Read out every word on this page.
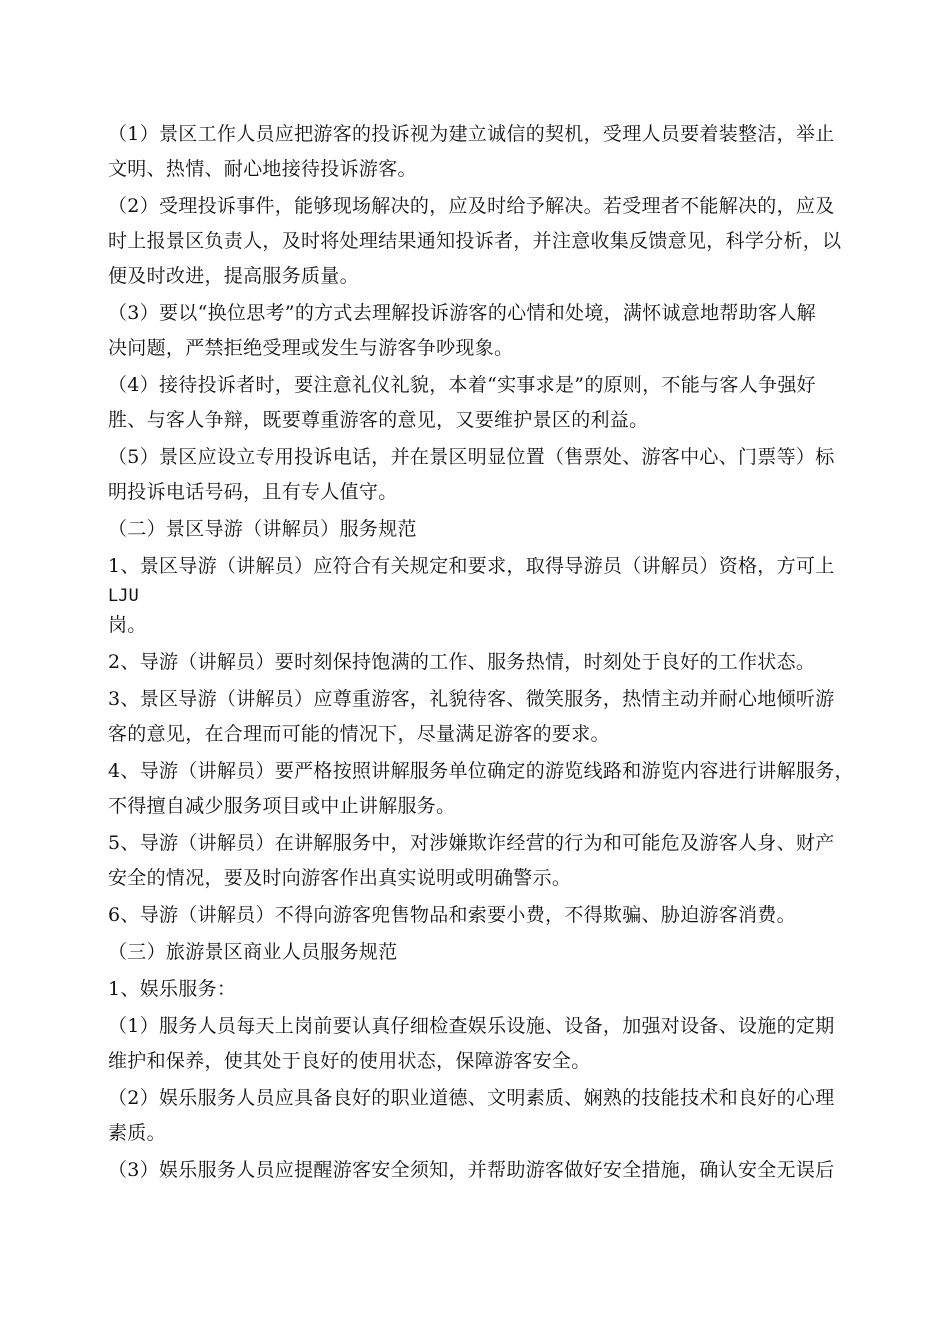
（1）景区工作人员应把游客的投诉视为建立诚信的契机，受理人员要着装整洁，举止
文明、热情、耐心地接待投诉游客。
（2）受理投诉事件，能够现场解决的，应及时给予解决。若受理者不能解决的，应及
时上报景区负责人，及时将处理结果通知投诉者，并注意收集反馈意见，科学分析，以
便及时改进，提高服务质量。
（3）要以“换位思考”的方式去理解投诉游客的心情和处境，满怀诚意地帮助客人解
决问题，严禁拒绝受理或发生与游客争吵现象。
（4）接待投诉者时，要注意礼仪礼貌，本着“实事求是”的原则，不能与客人争强好
胜、与客人争辩，既要尊重游客的意见，又要维护景区的利益。
（5）景区应设立专用投诉电话，并在景区明显位置（售票处、游客中心、门票等）标
明投诉电话号码，且有专人值守。
（二）景区导游（讲解员）服务规范
1、景区导游（讲解员）应符合有关规定和要求，取得导游员（讲解员）资格，方可上
LJU
岗。
2、导游（讲解员）要时刻保持饱满的工作、服务热情，时刻处于良好的工作状态。
3、景区导游（讲解员）应尊重游客，礼貌待客、微笑服务，热情主动并耐心地倾听游
客的意见，在合理而可能的情况下，尽量满足游客的要求。
4、导游（讲解员）要严格按照讲解服务单位确定的游览线路和游览内容进行讲解服务，
不得擅自减少服务项目或中止讲解服务。
5、导游（讲解员）在讲解服务中，对涉嫌欺诈经营的行为和可能危及游客人身、财产
安全的情况，要及时向游客作出真实说明或明确警示。
6、导游（讲解员）不得向游客兜售物品和索要小费，不得欺骗、胁迫游客消费。
（三）旅游景区商业人员服务规范
1、娱乐服务：
（1）服务人员每天上岗前要认真仔细检查娱乐设施、设备，加强对设备、设施的定期
维护和保养，使其处于良好的使用状态，保障游客安全。
（2）娱乐服务人员应具备良好的职业道德、文明素质、娴熟的技能技术和良好的心理
素质。
（3）娱乐服务人员应提醒游客安全须知，并帮助游客做好安全措施，确认安全无误后
